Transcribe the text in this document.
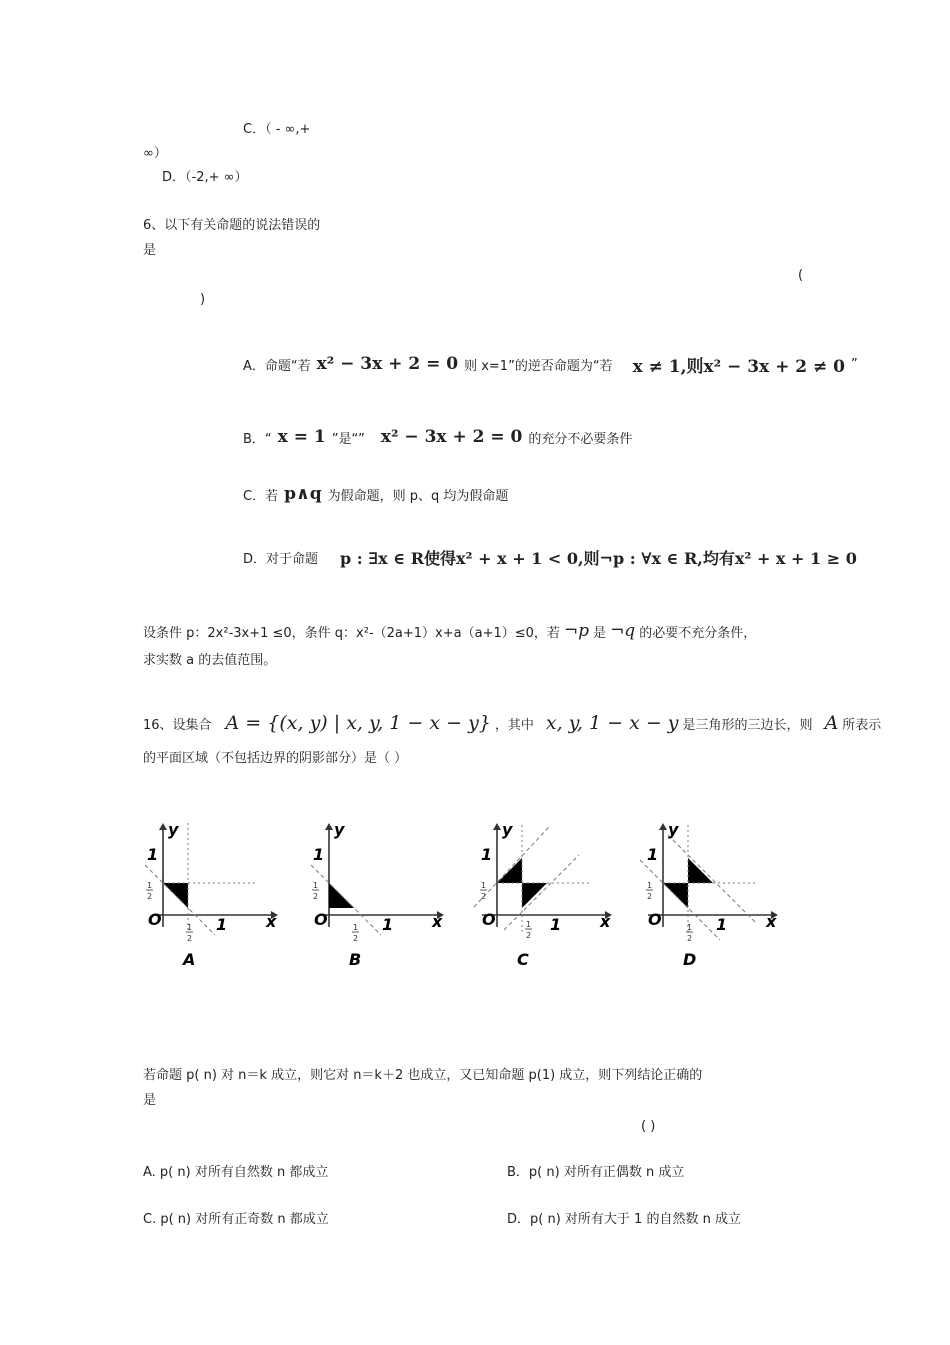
C．（ - ∞,+
∞）
D．（-2,+ ∞）
6、以下有关命题的说法错误的
是
(
)
A．命题“若 x² − 3x + 2 = 0 则 x=1”的逆否命题为“若 x ≠ 1,则x² − 3x + 2 ≠ 0 ”
B．“ x = 1 ”是“” x² − 3x + 2 = 0 的充分不必要条件
C．若 p∧q 为假命题，则 p、q 均为假命题
D．对于命题 p : ∃x ∈ R使得x² + x + 1 < 0,则¬p : ∀x ∈ R,均有x² + x + 1 ≥ 0
设条件 p：2x²-3x+1 ≤0，条件 q：x²-（2a+1）x+a（a+1）≤0，若 ¬p 是 ¬q 的必要不充分条件，
求实数 a 的去值范围。
16、设集合 A = {(x, y) | x, y, 1 − x − y} ，其中 x, y, 1 − x − y 是三角形的三边长，则 A 所表示
的平面区域（不包括边界的阴影部分）是（ ）
y
1
O	1 x
A
1
2
1
2
y
1
O	1 x
B
1
2
1
2
y
1
O	1 x
C
1
2
1
2
y
1
O	1 x
D
1
2
1
2
若命题 p( n) 对 n＝k 成立，则它对 n＝k＋2 也成立，又已知命题 p(1) 成立，则下列结论正确的
是
( )
A. p( n) 对所有自然数 n 都成立	B．p( n) 对所有正偶数 n 成立
C. p( n) 对所有正奇数 n 都成立	D．p( n) 对所有大于 1 的自然数 n 成立
